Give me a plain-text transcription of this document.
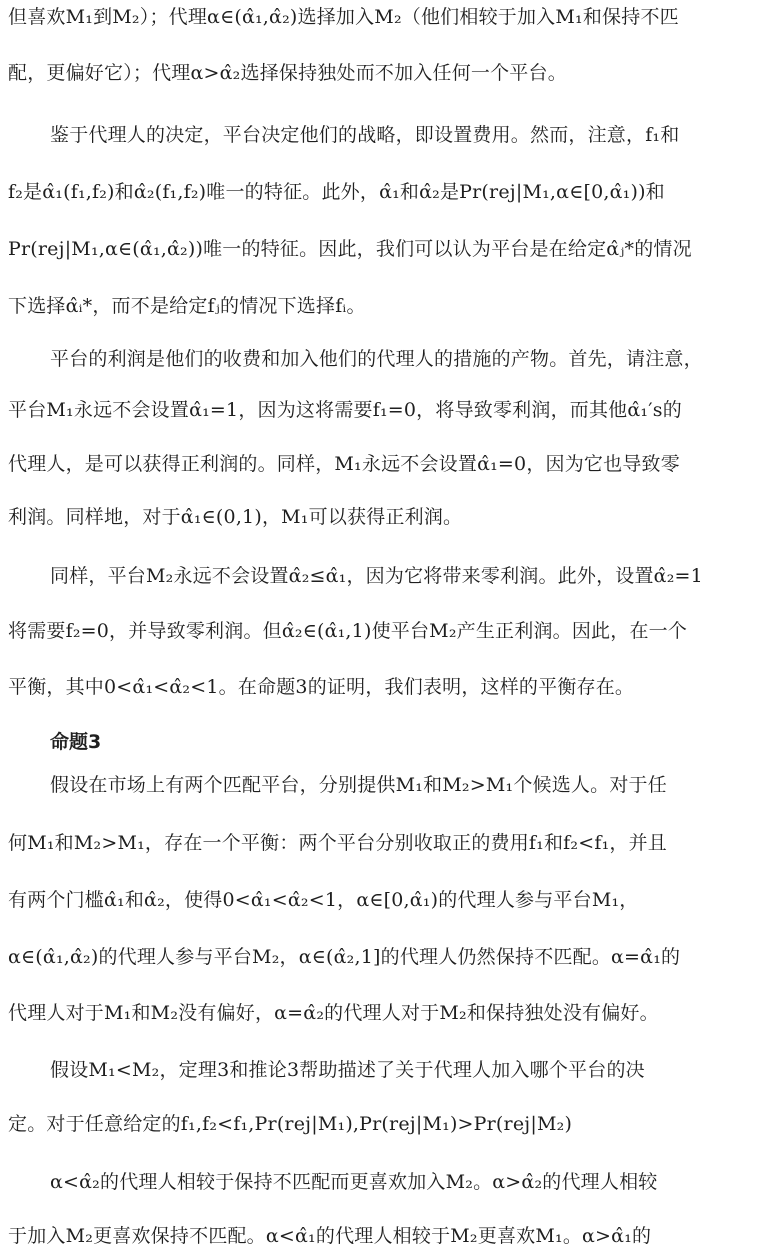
但喜欢M₁到M₂）；代理α∈(α̂₁,α̂₂)选择加入M₂（他们相较于加入M₁和保持不匹
配，更偏好它）；代理α>α̂₂选择保持独处而不加入任何一个平台。
鉴于代理人的决定，平台决定他们的战略，即设置费用。然而，注意，f₁和
f₂是α̂₁(f₁,f₂)和α̂₂(f₁,f₂)唯一的特征。此外，α̂₁和α̂₂是Pr(rej|M₁,α∈[0,α̂₁))和
Pr(rej|M₁,α∈(α̂₁,α̂₂))唯一的特征。因此，我们可以认为平台是在给定α̂ⱼ*的情况
下选择α̂ᵢ*，而不是给定fⱼ的情况下选择fᵢ。
平台的利润是他们的收费和加入他们的代理人的措施的产物。首先，请注意，
平台M₁永远不会设置α̂₁=1，因为这将需要f₁=0，将导致零利润，而其他α̂₁′s的
代理人，是可以获得正利润的。同样，M₁永远不会设置α̂₁=0，因为它也导致零
利润。同样地，对于α̂₁∈(0,1)，M₁可以获得正利润。
同样，平台M₂永远不会设置α̂₂≤α̂₁，因为它将带来零利润。此外，设置α̂₂=1
将需要f₂=0，并导致零利润。但α̂₂∈(α̂₁,1)使平台M₂产生正利润。因此，在一个
平衡，其中0<α̂₁<α̂₂<1。在命题3的证明，我们表明，这样的平衡存在。
命题3
假设在市场上有两个匹配平台，分别提供M₁和M₂>M₁个候选人。对于任
何M₁和M₂>M₁，存在一个平衡：两个平台分别收取正的费用f₁和f₂<f₁，并且
有两个门槛α̂₁和α̂₂，使得0<α̂₁<α̂₂<1，α∈[0,α̂₁)的代理人参与平台M₁，
α∈(α̂₁,α̂₂)的代理人参与平台M₂，α∈(α̂₂,1]的代理人仍然保持不匹配。α=α̂₁的
代理人对于M₁和M₂没有偏好，α=α̂₂的代理人对于M₂和保持独处没有偏好。
假设M₁<M₂，定理3和推论3帮助描述了关于代理人加入哪个平台的决
定。对于任意给定的f₁,f₂<f₁,Pr(rej|M₁),Pr(rej|M₁)>Pr(rej|M₂)
α<α̂₂的代理人相较于保持不匹配而更喜欢加入M₂。α>α̂₂的代理人相较
于加入M₂更喜欢保持不匹配。α<α̂₁的代理人相较于M₂更喜欢M₁。α>α̂₁的
